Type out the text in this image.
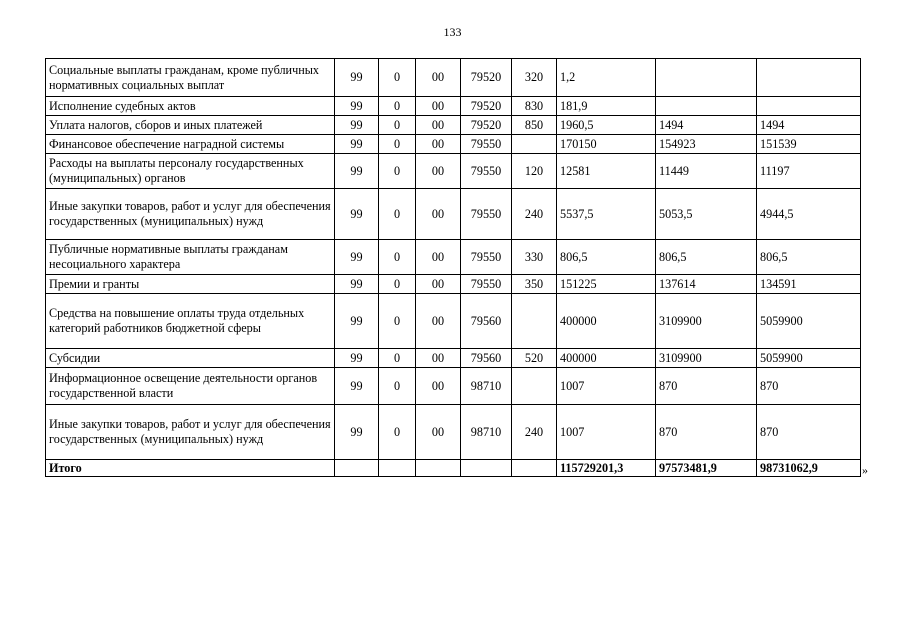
133
Социальные выплаты гражданам, кроме публичных нормативных социальных выплат	99	0	00	79520	320	1,2		
Исполнение судебных актов	99	0	00	79520	830	181,9		
Уплата налогов, сборов и иных платежей	99	0	00	79520	850	1960,5	1494	1494
Финансовое обеспечение наградной системы	99	0	00	79550		170150	154923	151539
Расходы на выплаты персоналу государственных (муниципальных) органов	99	0	00	79550	120	12581	11449	11197
Иные закупки товаров, работ и услуг для обеспечения государственных (муниципальных) нужд	99	0	00	79550	240	5537,5	5053,5	4944,5
Публичные нормативные выплаты гражданам несоциального характера	99	0	00	79550	330	806,5	806,5	806,5
Премии и гранты	99	0	00	79550	350	151225	137614	134591
Средства на повышение оплаты труда отдельных категорий работников бюджетной сферы	99	0	00	79560		400000	3109900	5059900
Субсидии	99	0	00	79560	520	400000	3109900	5059900
Информационное освещение деятельности органов государственной власти	99	0	00	98710		1007	870	870
Иные закупки товаров, работ и услуг для обеспечения государственных (муниципальных) нужд	99	0	00	98710	240	1007	870	870
Итого						115729201,3	97573481,9	98731062,9	»
